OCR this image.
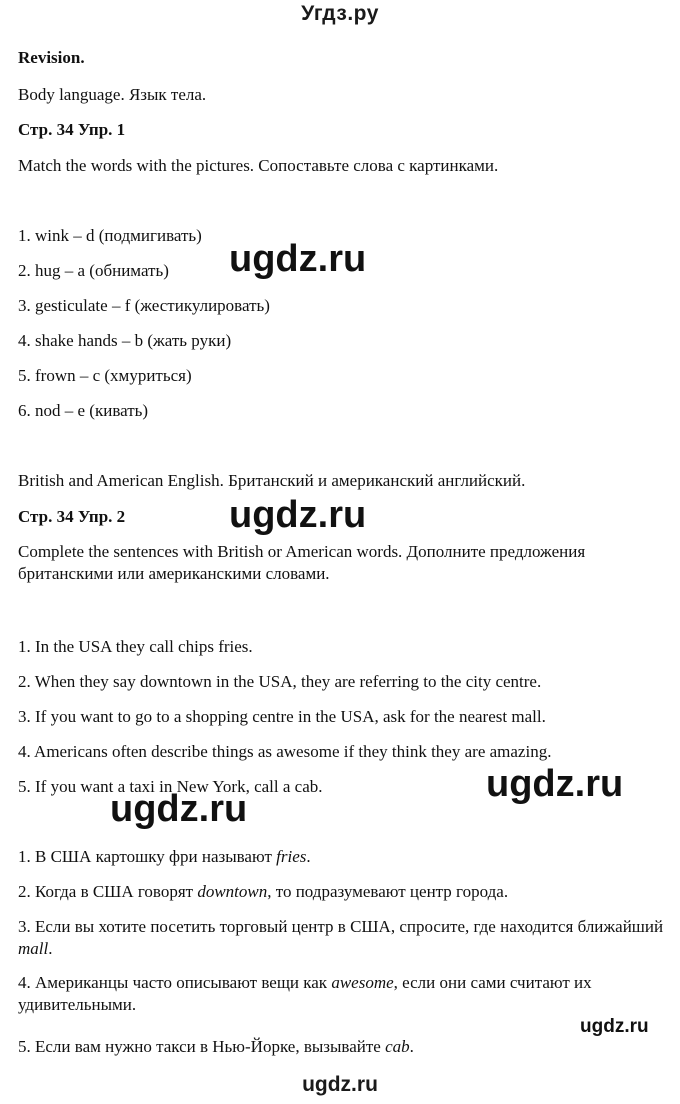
Угдз.ру

Revision.

Body language. Язык тела.

Стр. 34 Упр. 1

Match the words with the pictures. Сопоставьте слова с картинками.

1. wink – d (подмигивать)

2. hug – a (обнимать)

3. gesticulate – f (жестикулировать)

4. shake hands – b (жать руки)

5. frown – c (хмуриться)

6. nod – e (кивать)

British and American English. Британский и американский английский.

Стр. 34 Упр. 2

Complete the sentences with British or American words. Дополните предложения британскими или американскими словами.

1. In the USA they call chips fries.

2. When they say downtown in the USA, they are referring to the city centre.

3. If you want to go to a shopping centre in the USA, ask for the nearest mall.

4. Americans often describe things as awesome if they think they are amazing.

5. If you want a taxi in New York, call a cab.

1. В США картошку фри называют fries.

2. Когда в США говорят downtown, то подразумевают центр города.

3. Если вы хотите посетить торговый центр в США, спросите, где находится ближайший mall.

4. Американцы часто описывают вещи как awesome, если они сами считают их удивительными.

5. Если вам нужно такси в Нью-Йорке, вызывайте cab.

ugdz.ru
ugdz.ru
ugdz.ru
ugdz.ru
ugdz.ru
ugdz.ru
